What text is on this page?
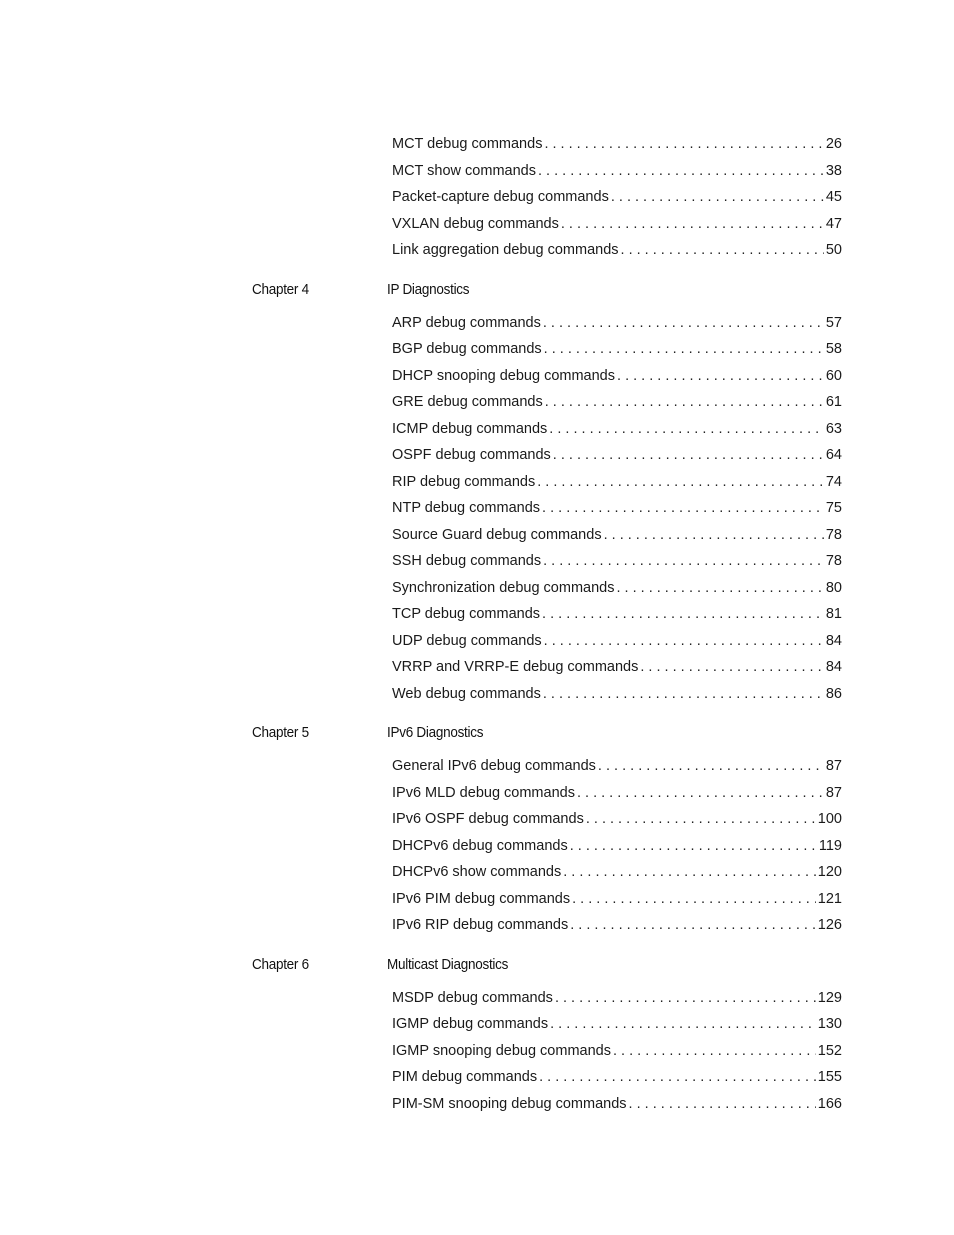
MCT debug commands . . .	26
MCT show commands . . .	38
Packet-capture debug commands . . .	45
VXLAN debug commands . . .	47
Link aggregation debug commands . . .	50
Chapter 4	IP Diagnostics
ARP debug commands . . .	57
BGP debug commands . . .	58
DHCP snooping debug commands . . .	60
GRE debug commands . . .	61
ICMP debug commands . . .	63
OSPF debug commands . . .	64
RIP debug commands . . .	74
NTP debug commands . . .	75
Source Guard debug commands . . .	78
SSH debug commands . . .	78
Synchronization debug commands . . .	80
TCP debug commands . . .	81
UDP debug commands . . .	84
VRRP and VRRP-E debug commands . . .	84
Web debug commands . . .	86
Chapter 5	IPv6 Diagnostics
General IPv6 debug commands . . .	87
IPv6 MLD debug commands . . .	87
IPv6 OSPF debug commands . . .	100
DHCPv6 debug commands . . .	119
DHCPv6 show commands . . .	120
IPv6 PIM debug commands . . .	121
IPv6 RIP debug commands . . .	126
Chapter 6	Multicast Diagnostics
MSDP debug commands . . .	129
IGMP debug commands . . .	130
IGMP snooping debug commands . . .	152
PIM debug commands . . .	155
PIM-SM snooping debug commands . . .	166
